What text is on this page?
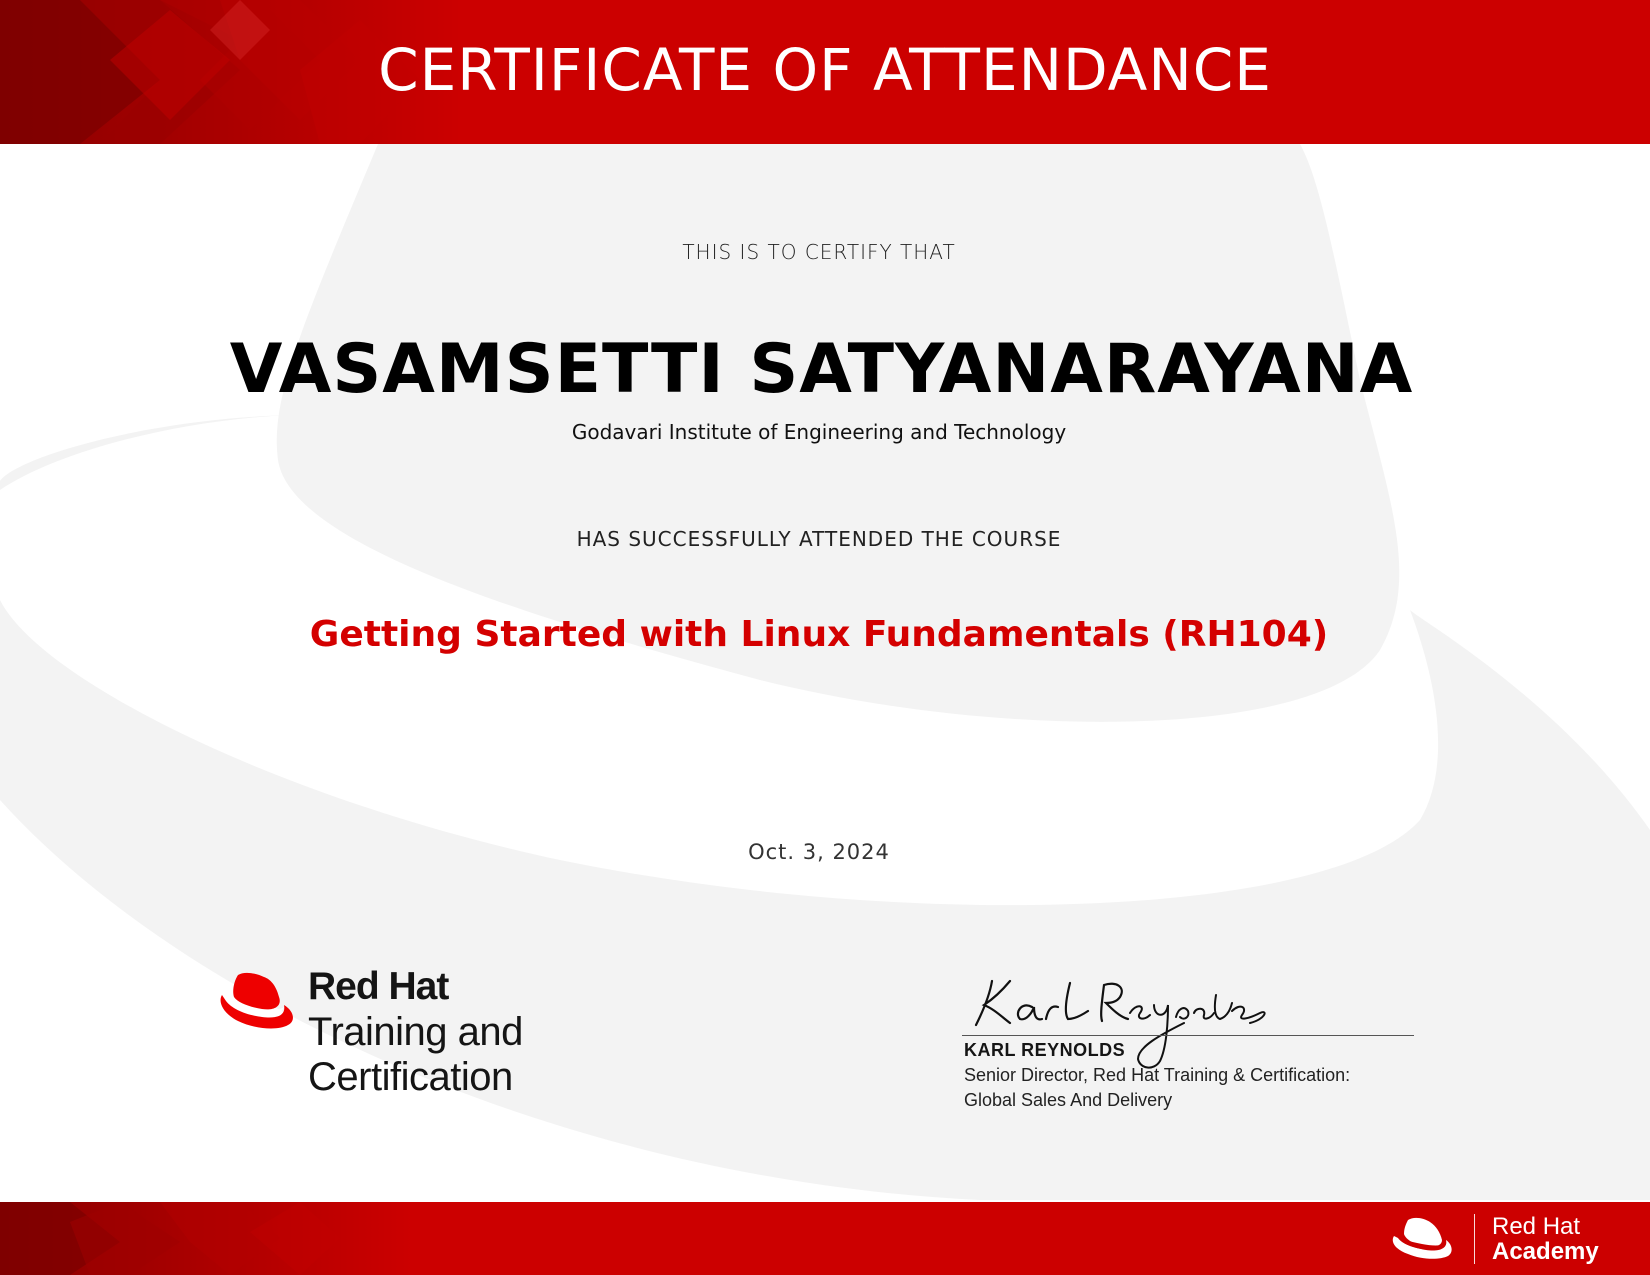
CERTIFICATE OF ATTENDANCE
THIS IS TO CERTIFY THAT
VASAMSETTI SATYANARAYANA
Godavari Institute of Engineering and Technology
HAS SUCCESSFULLY ATTENDED THE COURSE
Getting Started with Linux Fundamentals (RH104)
Oct. 3, 2024
Red Hat
Training and
Certification
KARL REYNOLDS
Senior Director, Red Hat Training & Certification:
Global Sales And Delivery
Red Hat
Academy
